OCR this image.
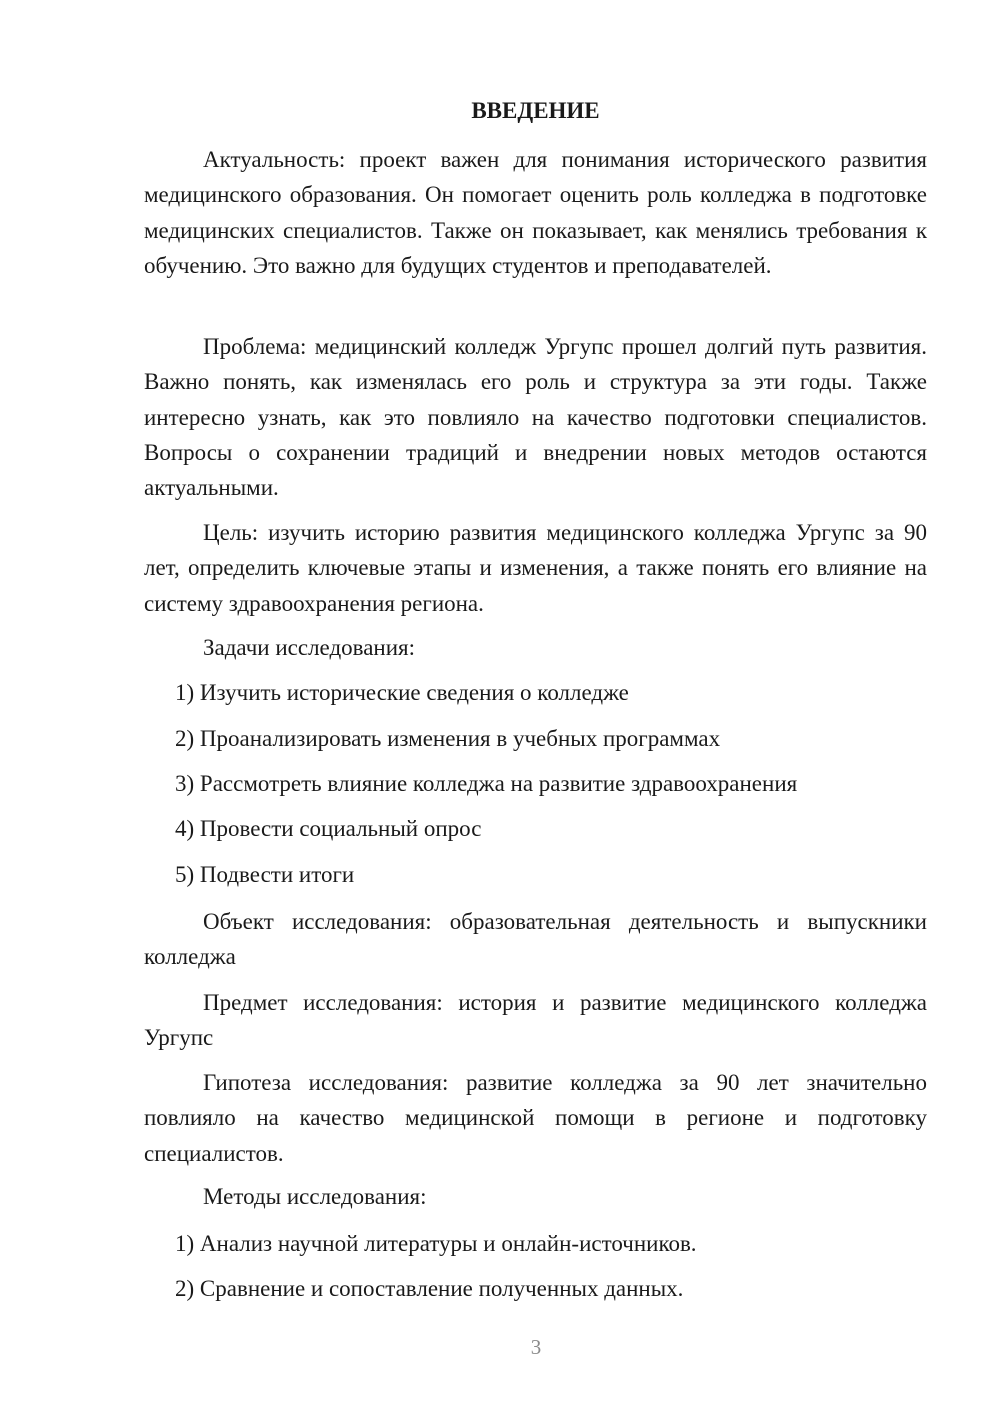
ВВЕДЕНИЕ

Актуальность: проект важен для понимания исторического развития медицинского образования. Он помогает оценить роль колледжа в подготовке медицинских специалистов. Также он показывает, как менялись требования к обучению. Это важно для будущих студентов и преподавателей.

Проблема: медицинский колледж Ургупс прошел долгий путь развития. Важно понять, как изменялась его роль и структура за эти годы. Также интересно узнать, как это повлияло на качество подготовки специалистов. Вопросы о сохранении традиций и внедрении новых методов остаются актуальными.

Цель: изучить историю развития медицинского колледжа Ургупс за 90 лет, определить ключевые этапы и изменения, а также понять его влияние на систему здравоохранения региона.

Задачи исследования:

1) Изучить исторические сведения о колледже

2) Проанализировать изменения в учебных программах

3) Рассмотреть влияние колледжа на развитие здравоохранения

4) Провести социальный опрос

5) Подвести итоги

Объект исследования: образовательная деятельность и выпускники колледжа

Предмет исследования: история и развитие медицинского колледжа Ургупс

Гипотеза исследования: развитие колледжа за 90 лет значительно повлияло на качество медицинской помощи в регионе и подготовку специалистов.

Методы исследования:

1) Анализ научной литературы и онлайн-источников.

2) Сравнение и сопоставление полученных данных.

3
